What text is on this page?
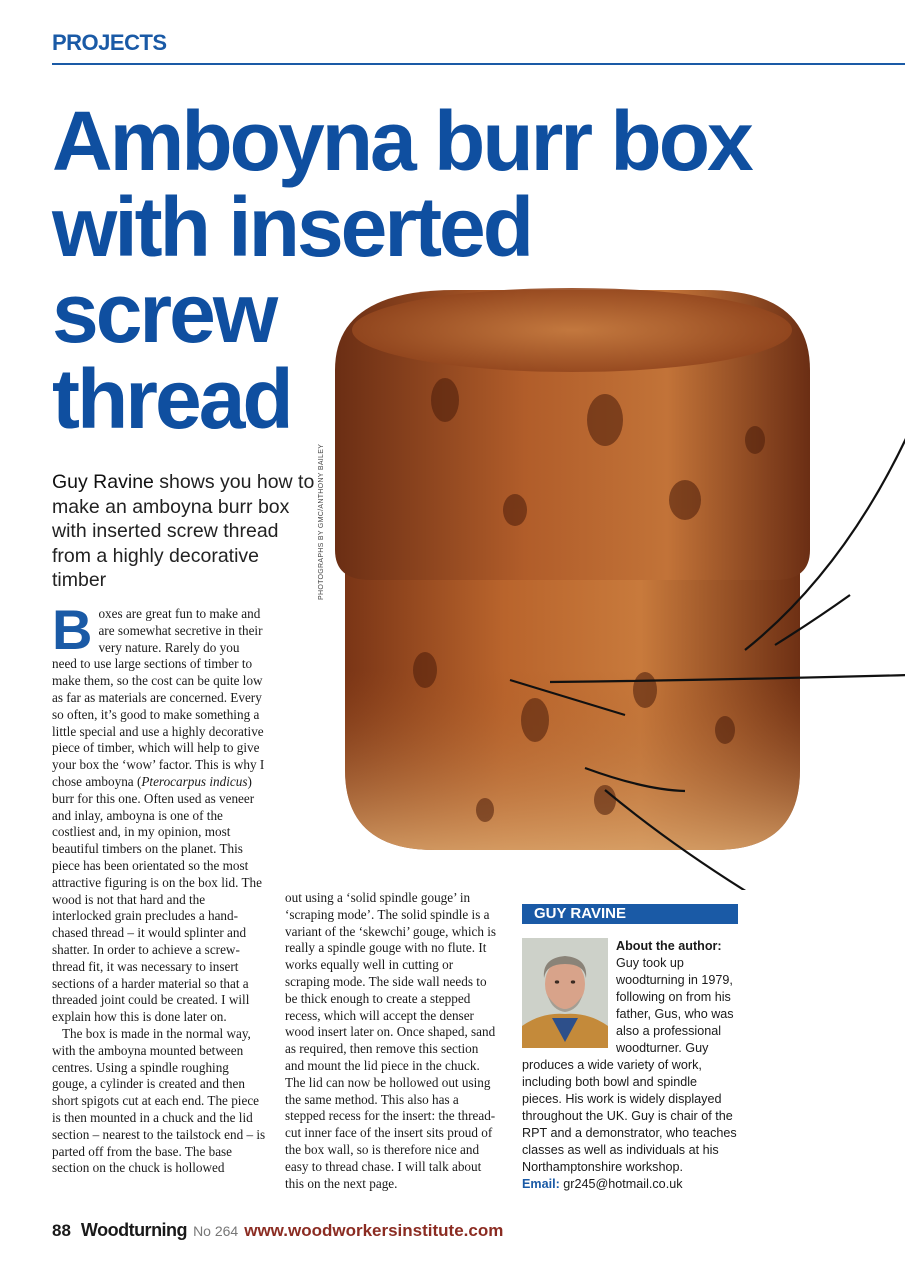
PROJECTS
Amboyna burr box
with inserted
screw
thread
PHOTOGRAPHS BY GMC/ANTHONY BAILEY
Guy Ravine shows you how to make an amboyna burr box with inserted screw thread from a highly decorative timber

Boxes are great fun to make and are somewhat secretive in their very nature. Rarely do you need to use large sections of timber to make them, so the cost can be quite low as far as materials are concerned. Every so often, it’s good to make something a little special and use a highly decorative piece of timber, which will help to give your box the ‘wow’ factor. This is why I chose amboyna (Pterocarpus indicus) burr for this one. Often used as veneer and inlay, amboyna is one of the costliest and, in my opinion, most beautiful timbers on the planet. This piece has been orientated so the most attractive figuring is on the box lid. The wood is not that hard and the interlocked grain precludes a hand-chased thread – it would splinter and shatter. In order to achieve a screw-thread fit, it was necessary to insert sections of a harder material so that a threaded joint could be created. I will explain how this is done later on.

The box is made in the normal way, with the amboyna mounted between centres. Using a spindle roughing gouge, a cylinder is created and then short spigots cut at each end. The piece is then mounted in a chuck and the lid section – nearest to the tailstock end – is parted off from the base. The base section on the chuck is hollowed

out using a ‘solid spindle gouge’ in ‘scraping mode’. The solid spindle is a variant of the ‘skewchi’ gouge, which is really a spindle gouge with no flute. It works equally well in cutting or scraping mode. The side wall needs to be thick enough to create a stepped recess, which will accept the denser wood insert later on. Once shaped, sand as required, then remove this section and mount the lid piece in the chuck. The lid can now be hollowed out using the same method. This also has a stepped recess for the insert: the thread-cut inner face of the insert sits proud of the box wall, so is therefore nice and easy to thread chase. I will talk about this on the next page.

GUY RAVINE
About the author: Guy took up woodturning in 1979, following on from his father, Gus, who was also a professional woodturner. Guy produces a wide variety of work, including both bowl and spindle pieces. His work is widely displayed throughout the UK. Guy is chair of the RPT and a demonstrator, who teaches classes as well as individuals at his Northamptonshire workshop.
Email: gr245@hotmail.co.uk
88 Woodturning No 264 www.woodworkersinstitute.com
